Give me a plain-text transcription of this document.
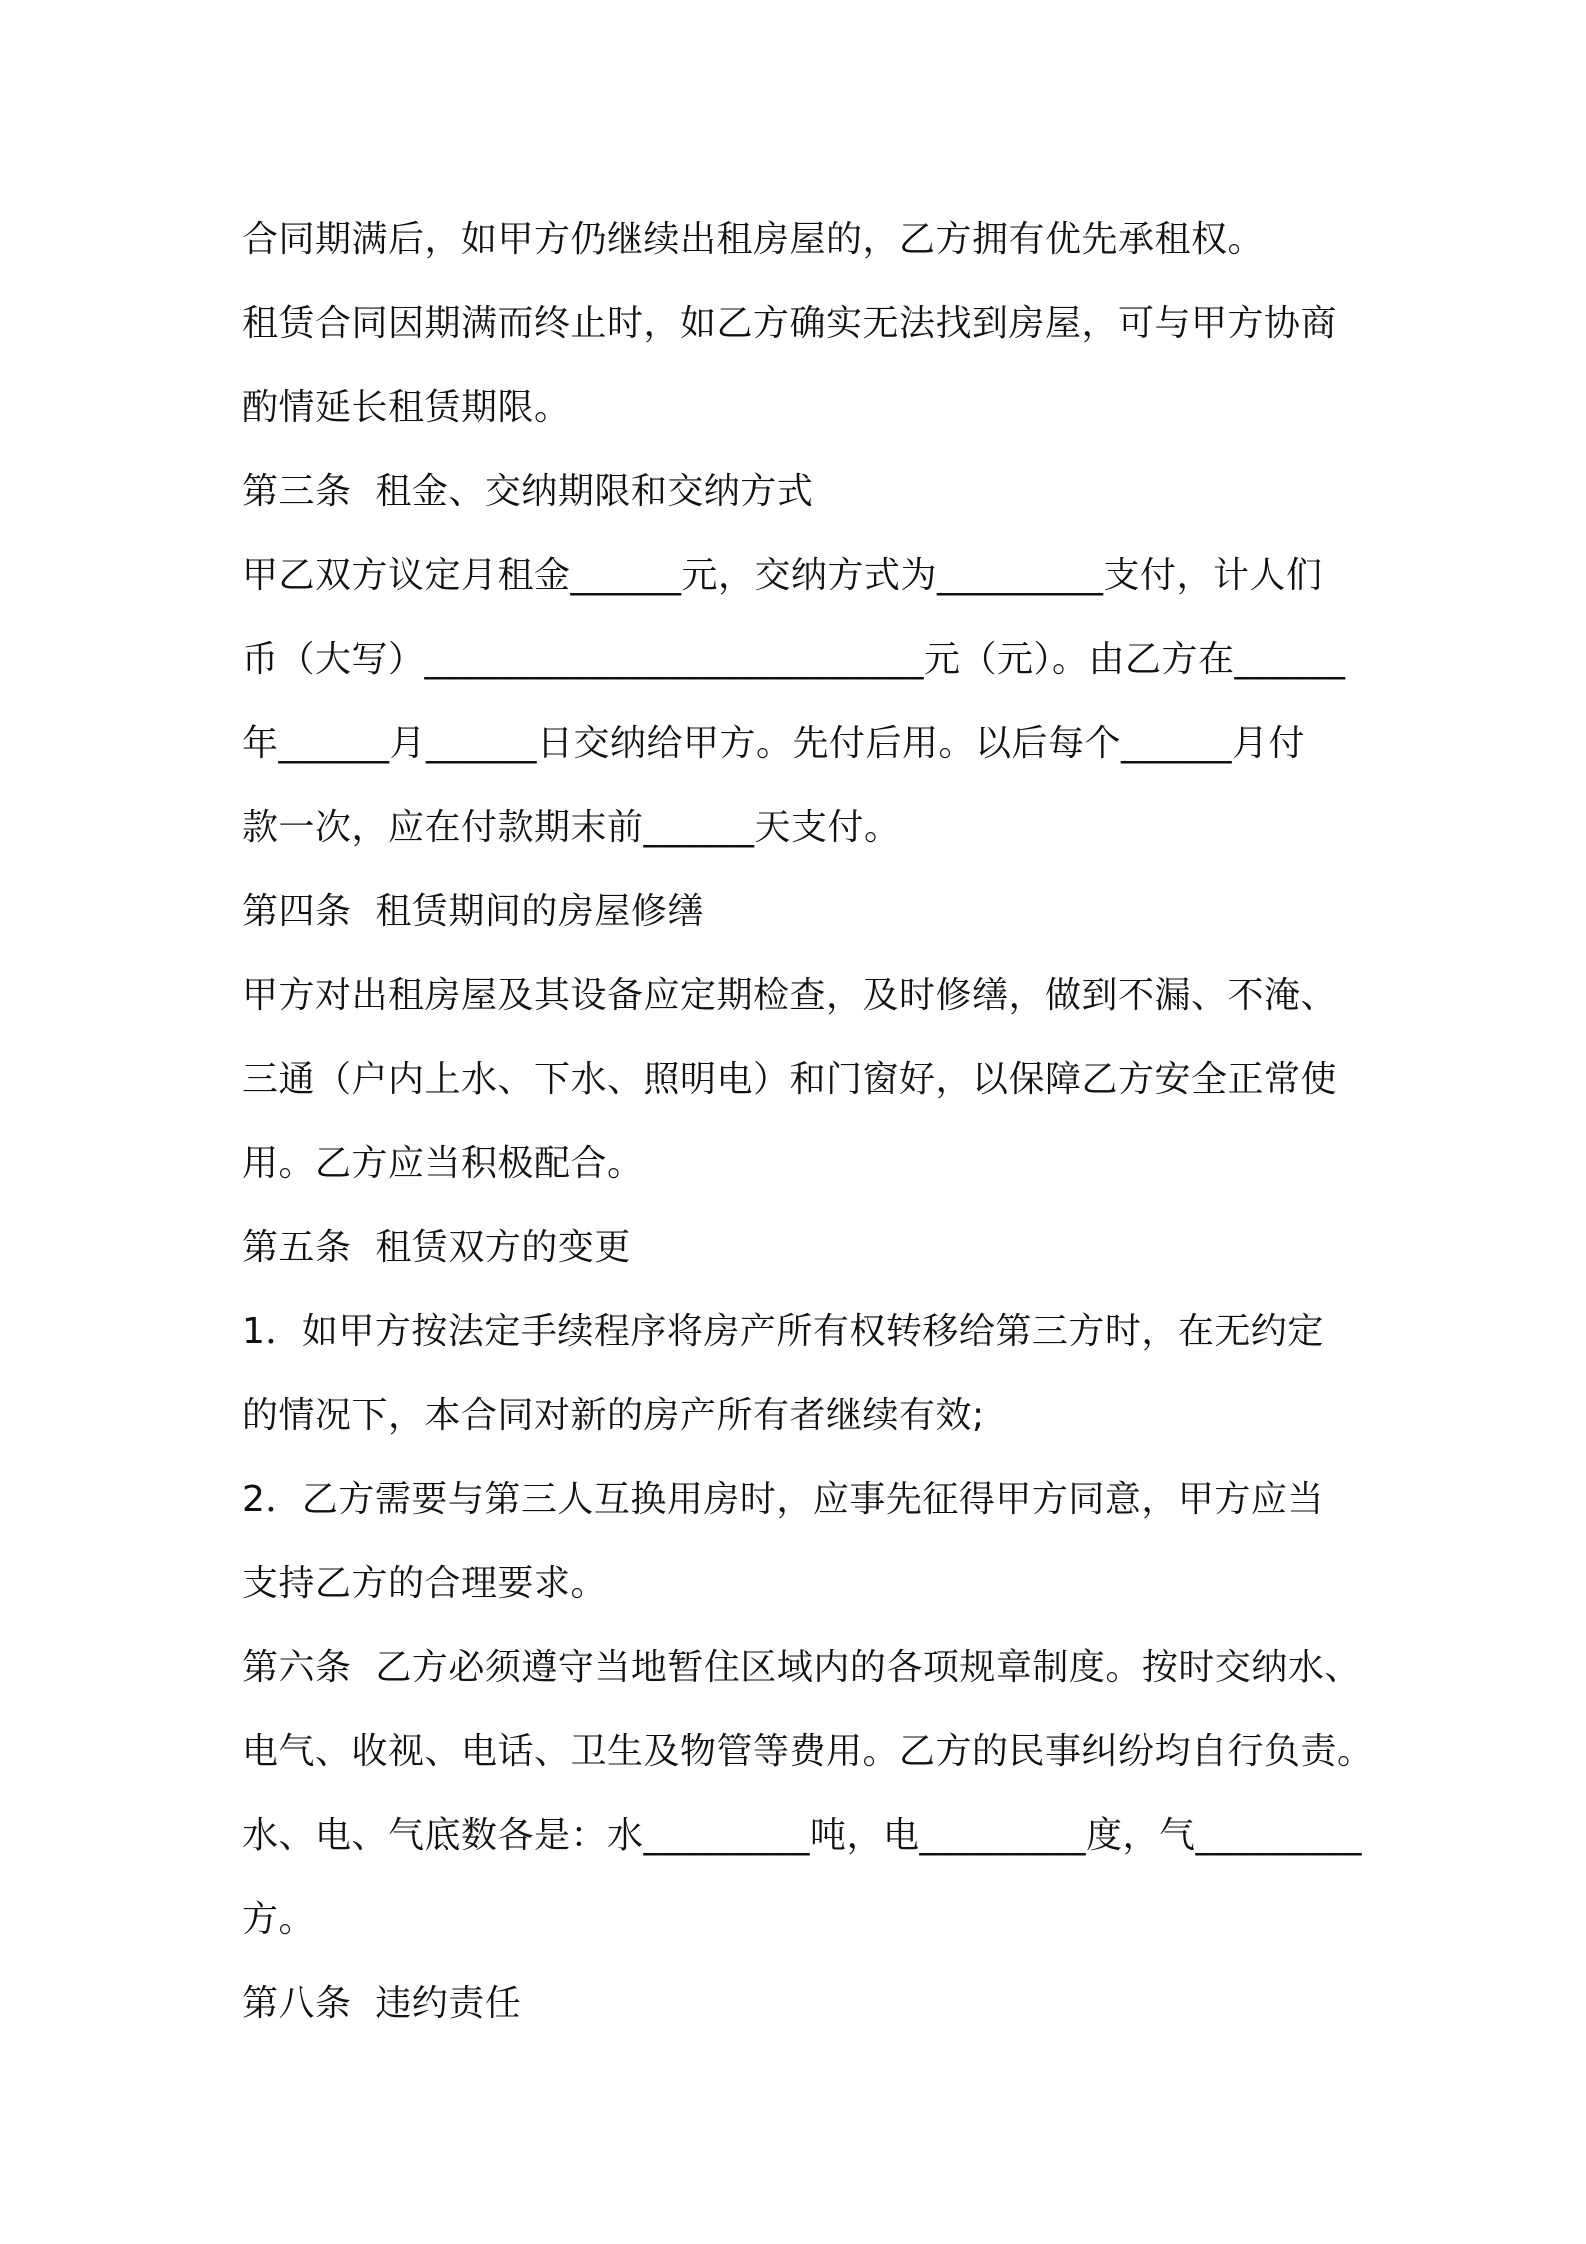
合同期满后，如甲方仍继续出租房屋的，乙方拥有优先承租权。
租赁合同因期满而终止时，如乙方确实无法找到房屋，可与甲方协商
酌情延长租赁期限。
第三条  租金、交纳期限和交纳方式
甲乙双方议定月租金______元，交纳方式为_________支付，计人们
币（大写）___________________________元（元）。由乙方在______
年______月______日交纳给甲方。先付后用。以后每个______月付
款一次，应在付款期末前______天支付。
第四条  租赁期间的房屋修缮
甲方对出租房屋及其设备应定期检查，及时修缮，做到不漏、不淹、
三通（户内上水、下水、照明电）和门窗好，以保障乙方安全正常使
用。乙方应当积极配合。
第五条  租赁双方的变更
1．如甲方按法定手续程序将房产所有权转移给第三方时，在无约定
的情况下，本合同对新的房产所有者继续有效;
2．乙方需要与第三人互换用房时，应事先征得甲方同意，甲方应当
支持乙方的合理要求。
第六条  乙方必须遵守当地暂住区域内的各项规章制度。按时交纳水、
电气、收视、电话、卫生及物管等费用。乙方的民事纠纷均自行负责。
水、电、气底数各是：水_________吨，电_________度，气_________
方。
第八条  违约责任
